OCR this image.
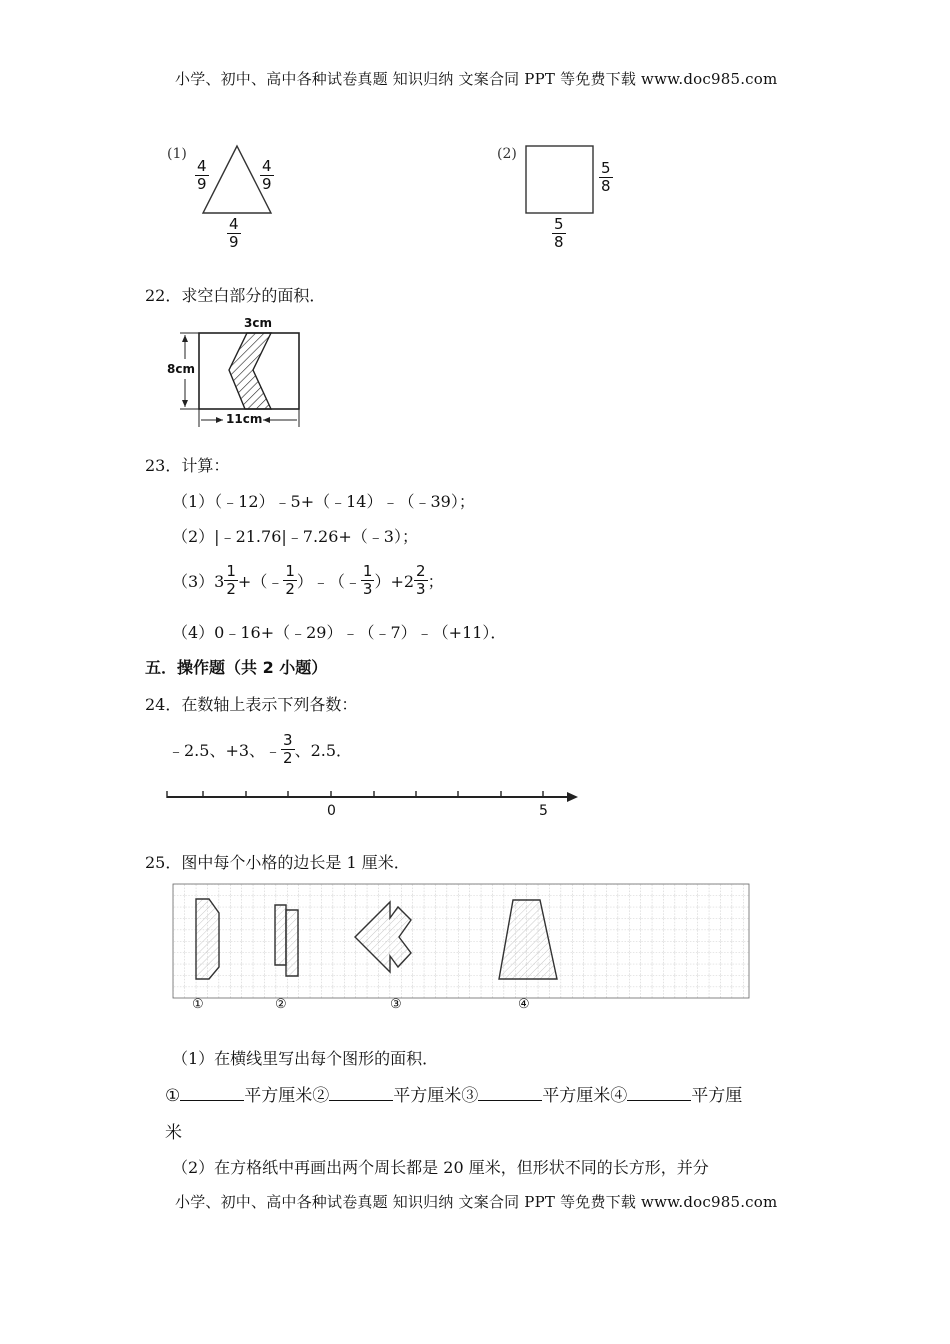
小学、初中、高中各种试卷真题 知识归纳 文案合同 PPT 等免费下载 www.doc985.com
(1)
$\frac{4}{9}$	$\frac{4}{9}$
$\frac{4}{9}$
(2)
$\frac{5}{8}$
$\frac{5}{8}$
22．求空白部分的面积．
3cm
8cm
11cm
23．计算：
（1）（﹣12）﹣5+（﹣14）﹣（﹣39）；
（2）|﹣21.76|﹣7.26+（﹣3）；
$(3)3 \frac{1}{2}$ +（﹣ $\frac{1}{2}$ ）﹣（﹣ $\frac{1}{3} )+2 \frac{2}{3}$ ；
（4）0﹣16+（﹣29）﹣（﹣7）﹣（+11）．
五．操作题（共 2 小题）
24．在数轴上表示下列各数：
﹣2.5、+3、﹣ $\frac{3}{2}$ 、2.5．
0	5
25．图中每个小格的边长是 1 厘米．
①	②	③	④
（1）在横线里写出每个图形的面积．
①	平方厘米②	平方厘米③	平方厘米④	平方厘
米
（2）在方格纸中再画出两个周长都是 20 厘米，但形状不同的长方形，并分
小学、初中、高中各种试卷真题 知识归纳 文案合同 PPT 等免费下载 www.doc985.com
